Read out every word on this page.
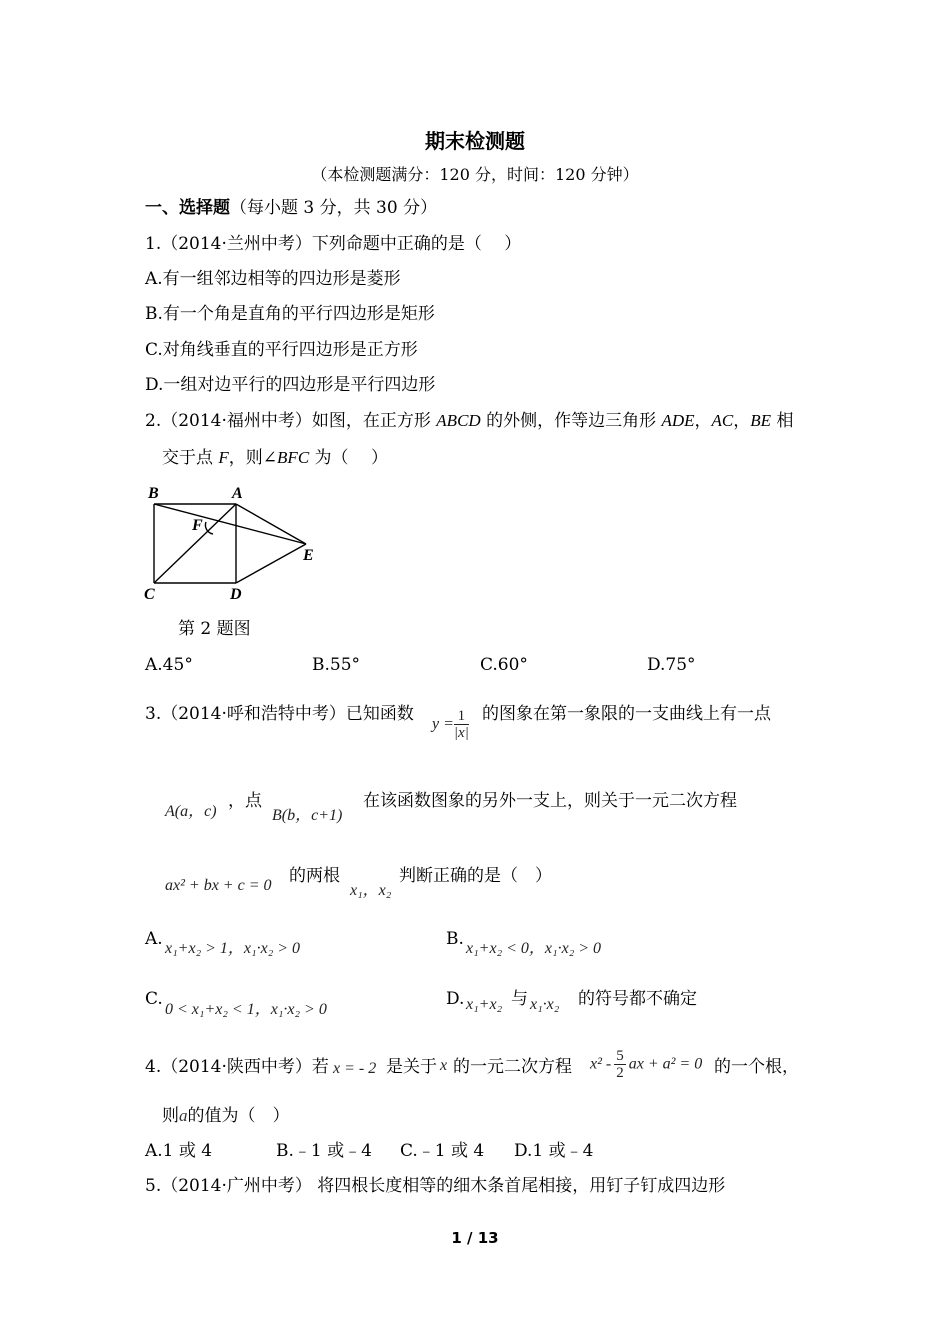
期末检测题
（本检测题满分：120 分，时间：120 分钟）
一、选择题（每小题 3 分，共 30 分）
1.（2014·兰州中考）下列命题中正确的是（　 ）
A.有一组邻边相等的四边形是菱形
B.有一个角是直角的平行四边形是矩形
C.对角线垂直的平行四边形是正方形
D.一组对边平行的四边形是平行四边形
2.（2014·福州中考）如图，在正方形 ABCD 的外侧，作等边三角形 ADE，AC，BE 相
交于点 F，则∠BFC 为（　 ）
B	A
F
E
C	D
第 2 题图
A.45°	B.55°	C.60°	D.75°
3.（2014·呼和浩特中考）已知函数 $y = \frac{1}{|x|}$ 的图象在第一象限的一支曲线上有一点
A(a，c)
，点
B(b，c+1)
在该函数图象的另外一支上，则关于一元二次方程
ax² + bx + c = 0 的两根
x₁，x₂
判断正确的是（　）
A. x₁+x₂ > 1，x₁·x₂ > 0	B. x₁+x₂ < 0，x₁·x₂ > 0
C.
0 < x₁+x₂ < 1，x₁·x₂ > 0
D. x₁+x₂ 与 x₁·x₂ 的符号都不确定
4.（2014·陕西中考）若 x = - 2 是关于 x 的一元二次方程 $x^2 - \frac{5}{2}$ ax + a² = 0 的一个根，
则a的值为（　）
A.1 或 4	B.﹣1 或﹣4 C.﹣1 或 4 D.1 或﹣4
5.（2014·广州中考） 将四根长度相等的细木条首尾相接，用钉子钉成四边形
1 / 13
